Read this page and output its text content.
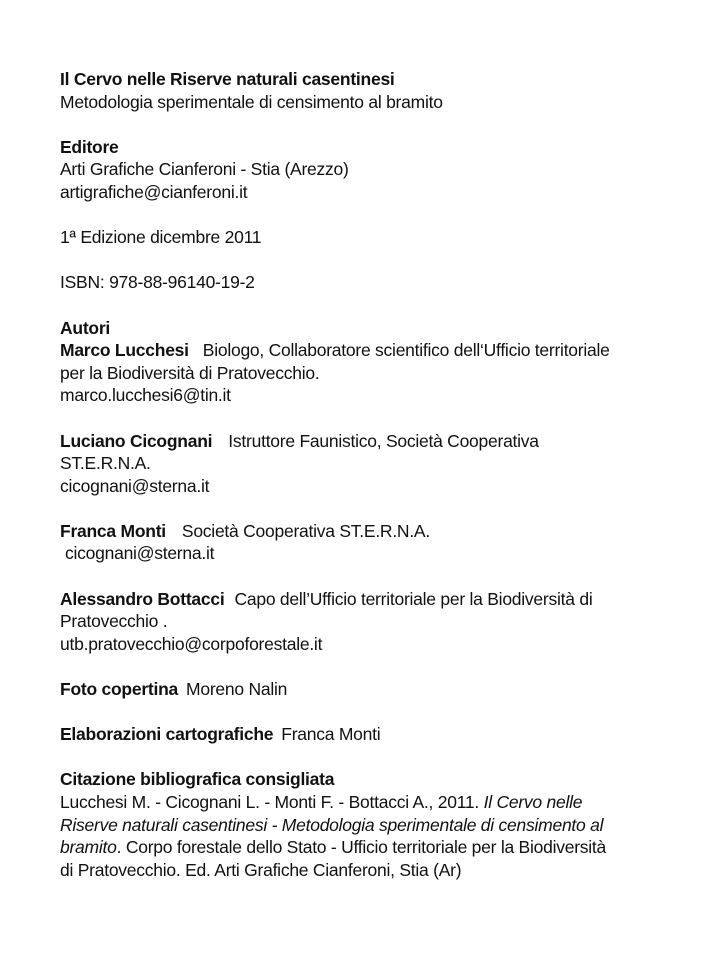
Il Cervo nelle Riserve naturali casentinesi

Metodologia sperimentale di censimento al bramito

Editore

Arti Grafiche Cianferoni - Stia (Arezzo)

artigrafiche@cianferoni.it

1ª Edizione dicembre 2011

ISBN: 978-88-96140-19-2

Autori

Marco Lucchesi Biologo, Collaboratore scientifico dell‘Ufficio territoriale

per la Biodiversità di Pratovecchio.

marco.lucchesi6@tin.it

Luciano Cicognani Istruttore Faunistico, Società Cooperativa

ST.E.R.N.A.

cicognani@sterna.it

Franca Monti Società Cooperativa ST.E.R.N.A.

cicognani@sterna.it

Alessandro Bottacci Capo dell’Ufficio territoriale per la Biodiversità di

Pratovecchio .

utb.pratovecchio@corpoforestale.it

Foto copertina Moreno Nalin

Elaborazioni cartografiche Franca Monti

Citazione bibliografica consigliata

Lucchesi M. - Cicognani L. - Monti F. - Bottacci A., 2011. Il Cervo nelle

Riserve naturali casentinesi - Metodologia sperimentale di censimento al

bramito. Corpo forestale dello Stato - Ufficio territoriale per la Biodiversità

di Pratovecchio. Ed. Arti Grafiche Cianferoni, Stia (Ar)
